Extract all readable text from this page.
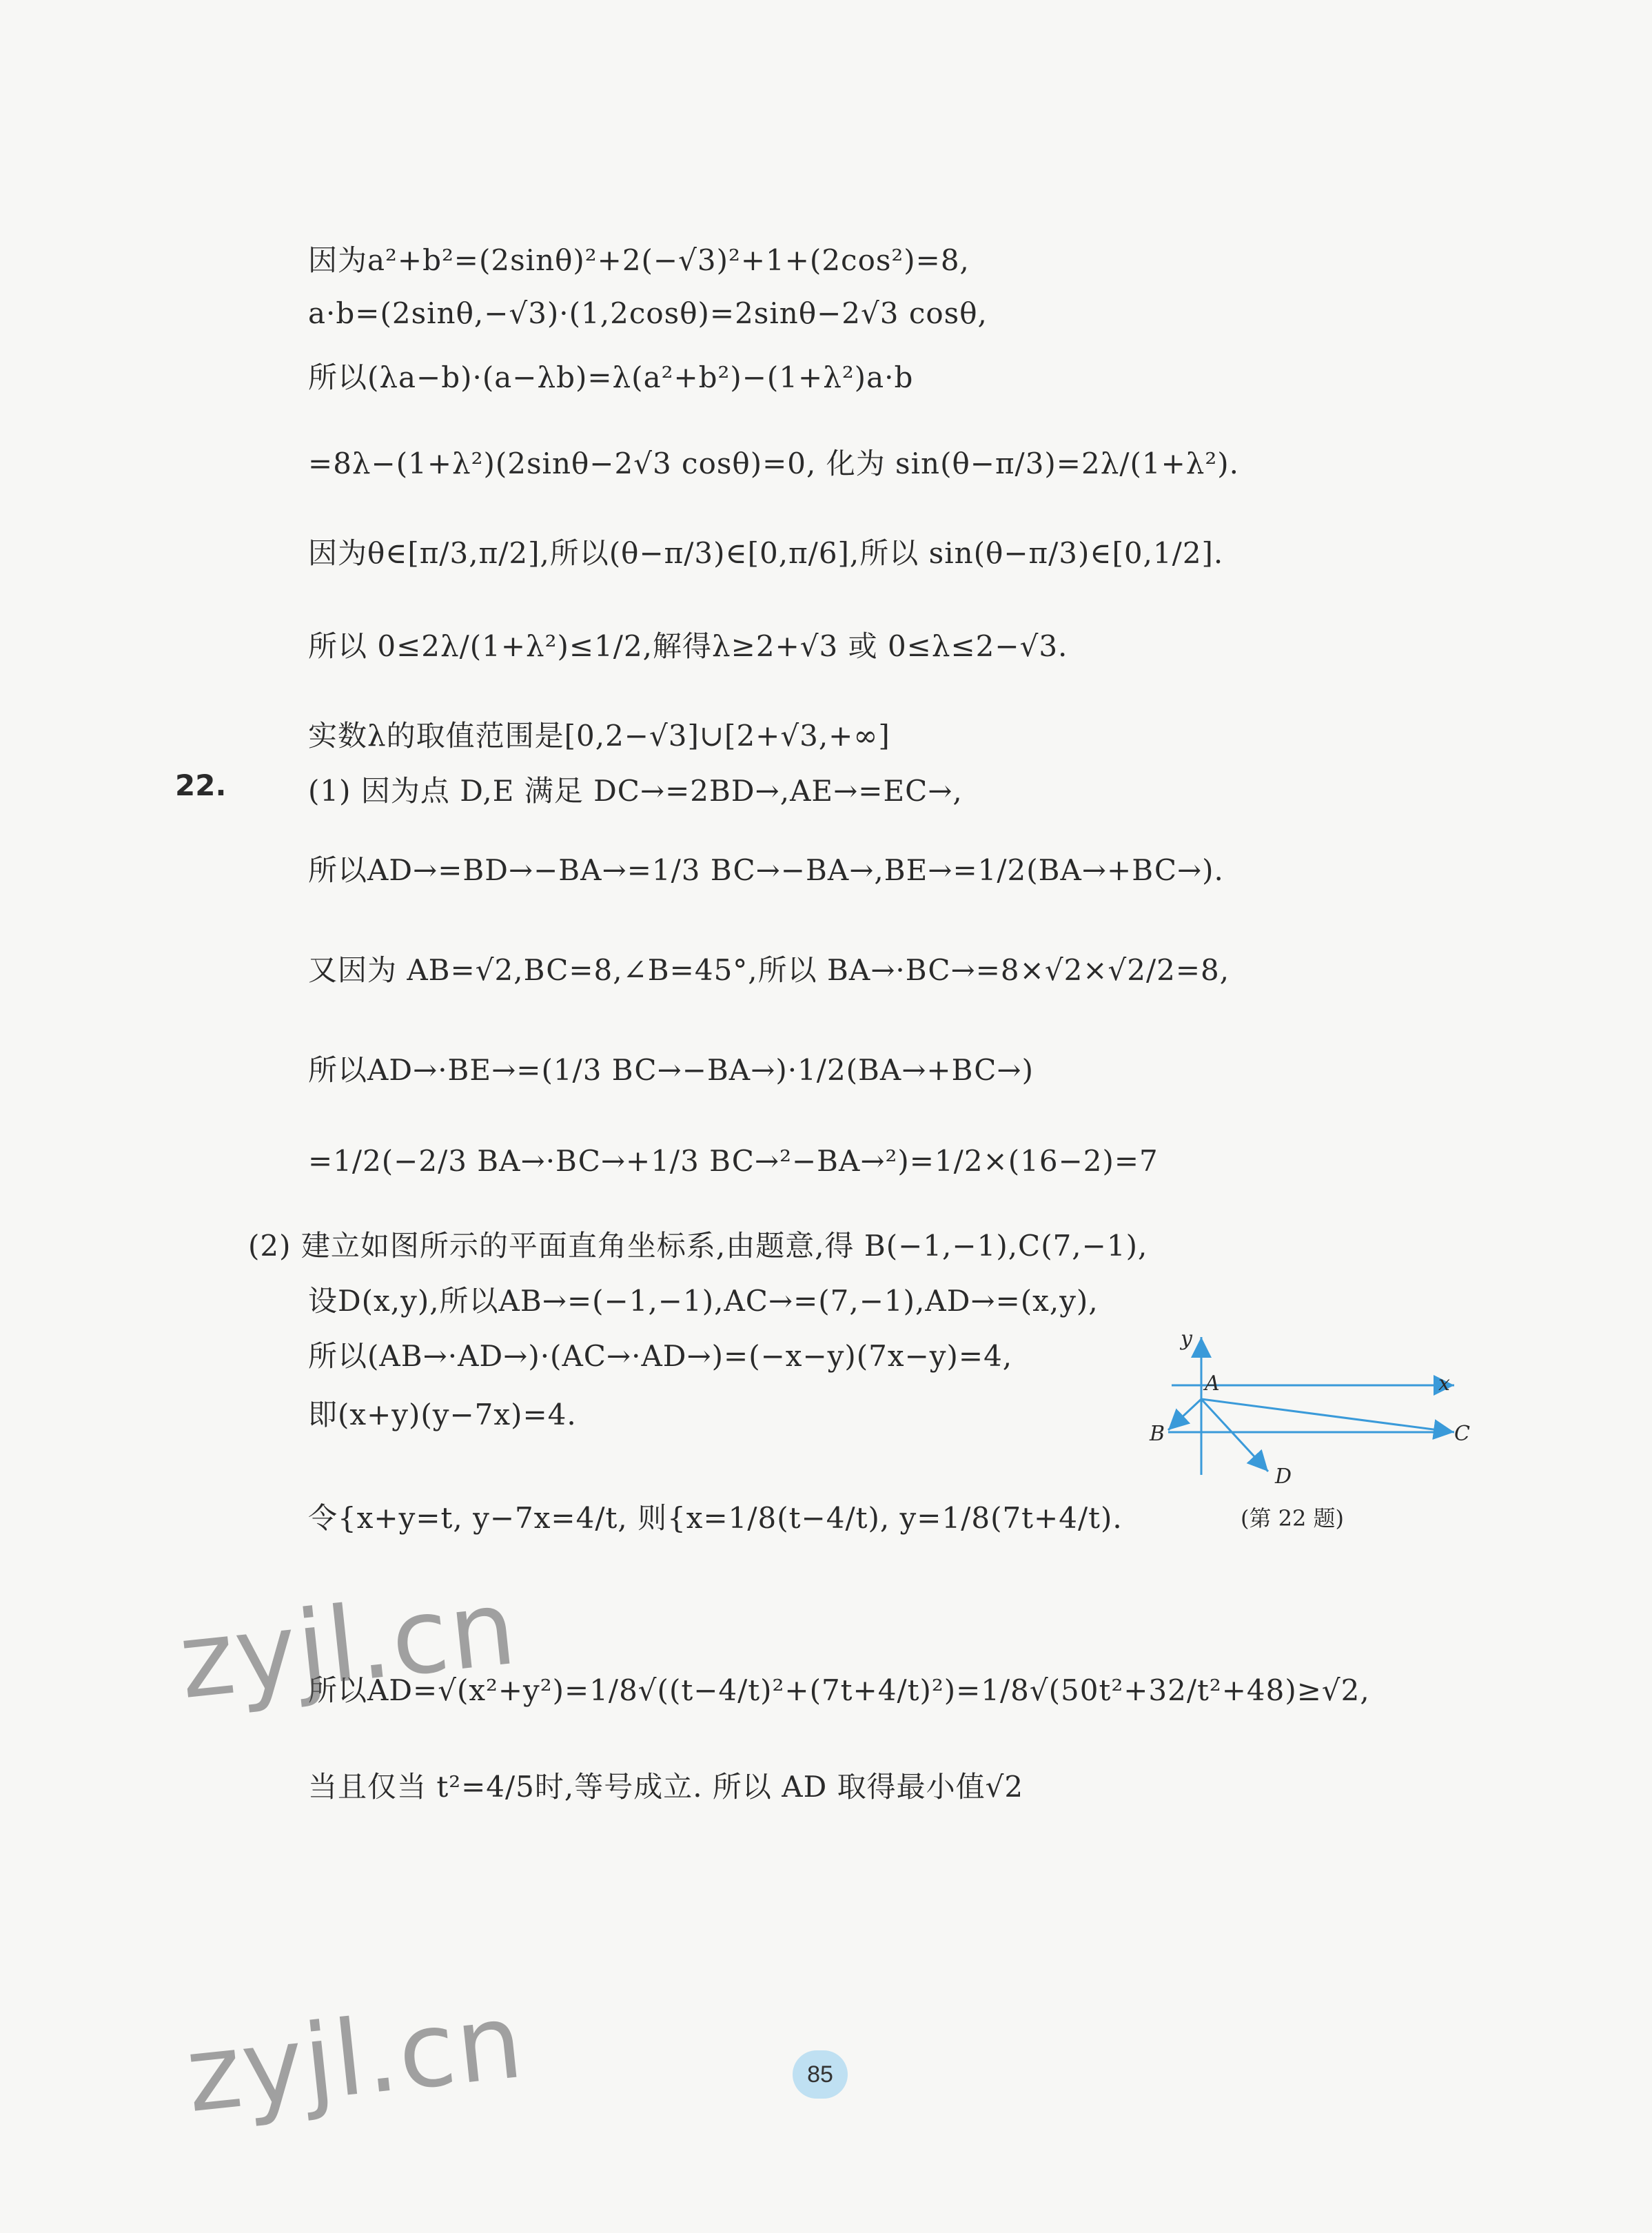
因为a²+b²=(2sinθ)²+2(−√3)²+1+(2cos²)=8,
a·b=(2sinθ,−√3)·(1,2cosθ)=2sinθ−2√3 cosθ,
所以(λa−b)·(a−λb)=λ(a²+b²)−(1+λ²)a·b
=8λ−(1+λ²)(2sinθ−2√3 cosθ)=0, 化为 sin(θ−π/3)=2λ/(1+λ²).
因为θ∈[π/3,π/2],所以(θ−π/3)∈[0,π/6],所以 sin(θ−π/3)∈[0,1/2].
所以 0≤2λ/(1+λ²)≤1/2,解得λ≥2+√3 或 0≤λ≤2−√3.
实数λ的取值范围是[0,2−√3]∪[2+√3,+∞]
22.	(1) 因为点 D,E 满足 DC→=2BD→,AE→=EC→,
所以AD→=BD→−BA→=1/3 BC→−BA→,BE→=1/2(BA→+BC→).
又因为 AB=√2,BC=8,∠B=45°,所以 BA→·BC→=8×√2×√2/2=8,
所以AD→·BE→=(1/3 BC→−BA→)·1/2(BA→+BC→)
=1/2(−2/3 BA→·BC→+1/3 BC→²−BA→²)=1/2×(16−2)=7
(2) 建立如图所示的平面直角坐标系,由题意,得 B(−1,−1),C(7,−1),
设D(x,y),所以AB→=(−1,−1),AC→=(7,−1),AD→=(x,y),
所以(AB→·AD→)·(AC→·AD→)=(−x−y)(7x−y)=4,
即(x+y)(y−7x)=4.
令{x+y=t, y−7x=4/t, 则{x=1/8(t−4/t), y=1/8(7t+4/t).
所以AD=√(x²+y²)=1/8√((t−4/t)²+(7t+4/t)²)=1/8√(50t²+32/t²+48)≥√2,
当且仅当 t²=4/5时,等号成立. 所以 AD 取得最小值√2
y
x
A
B	C
D
(第 22 题)
zyjl.cn
zyjl.cn	85
